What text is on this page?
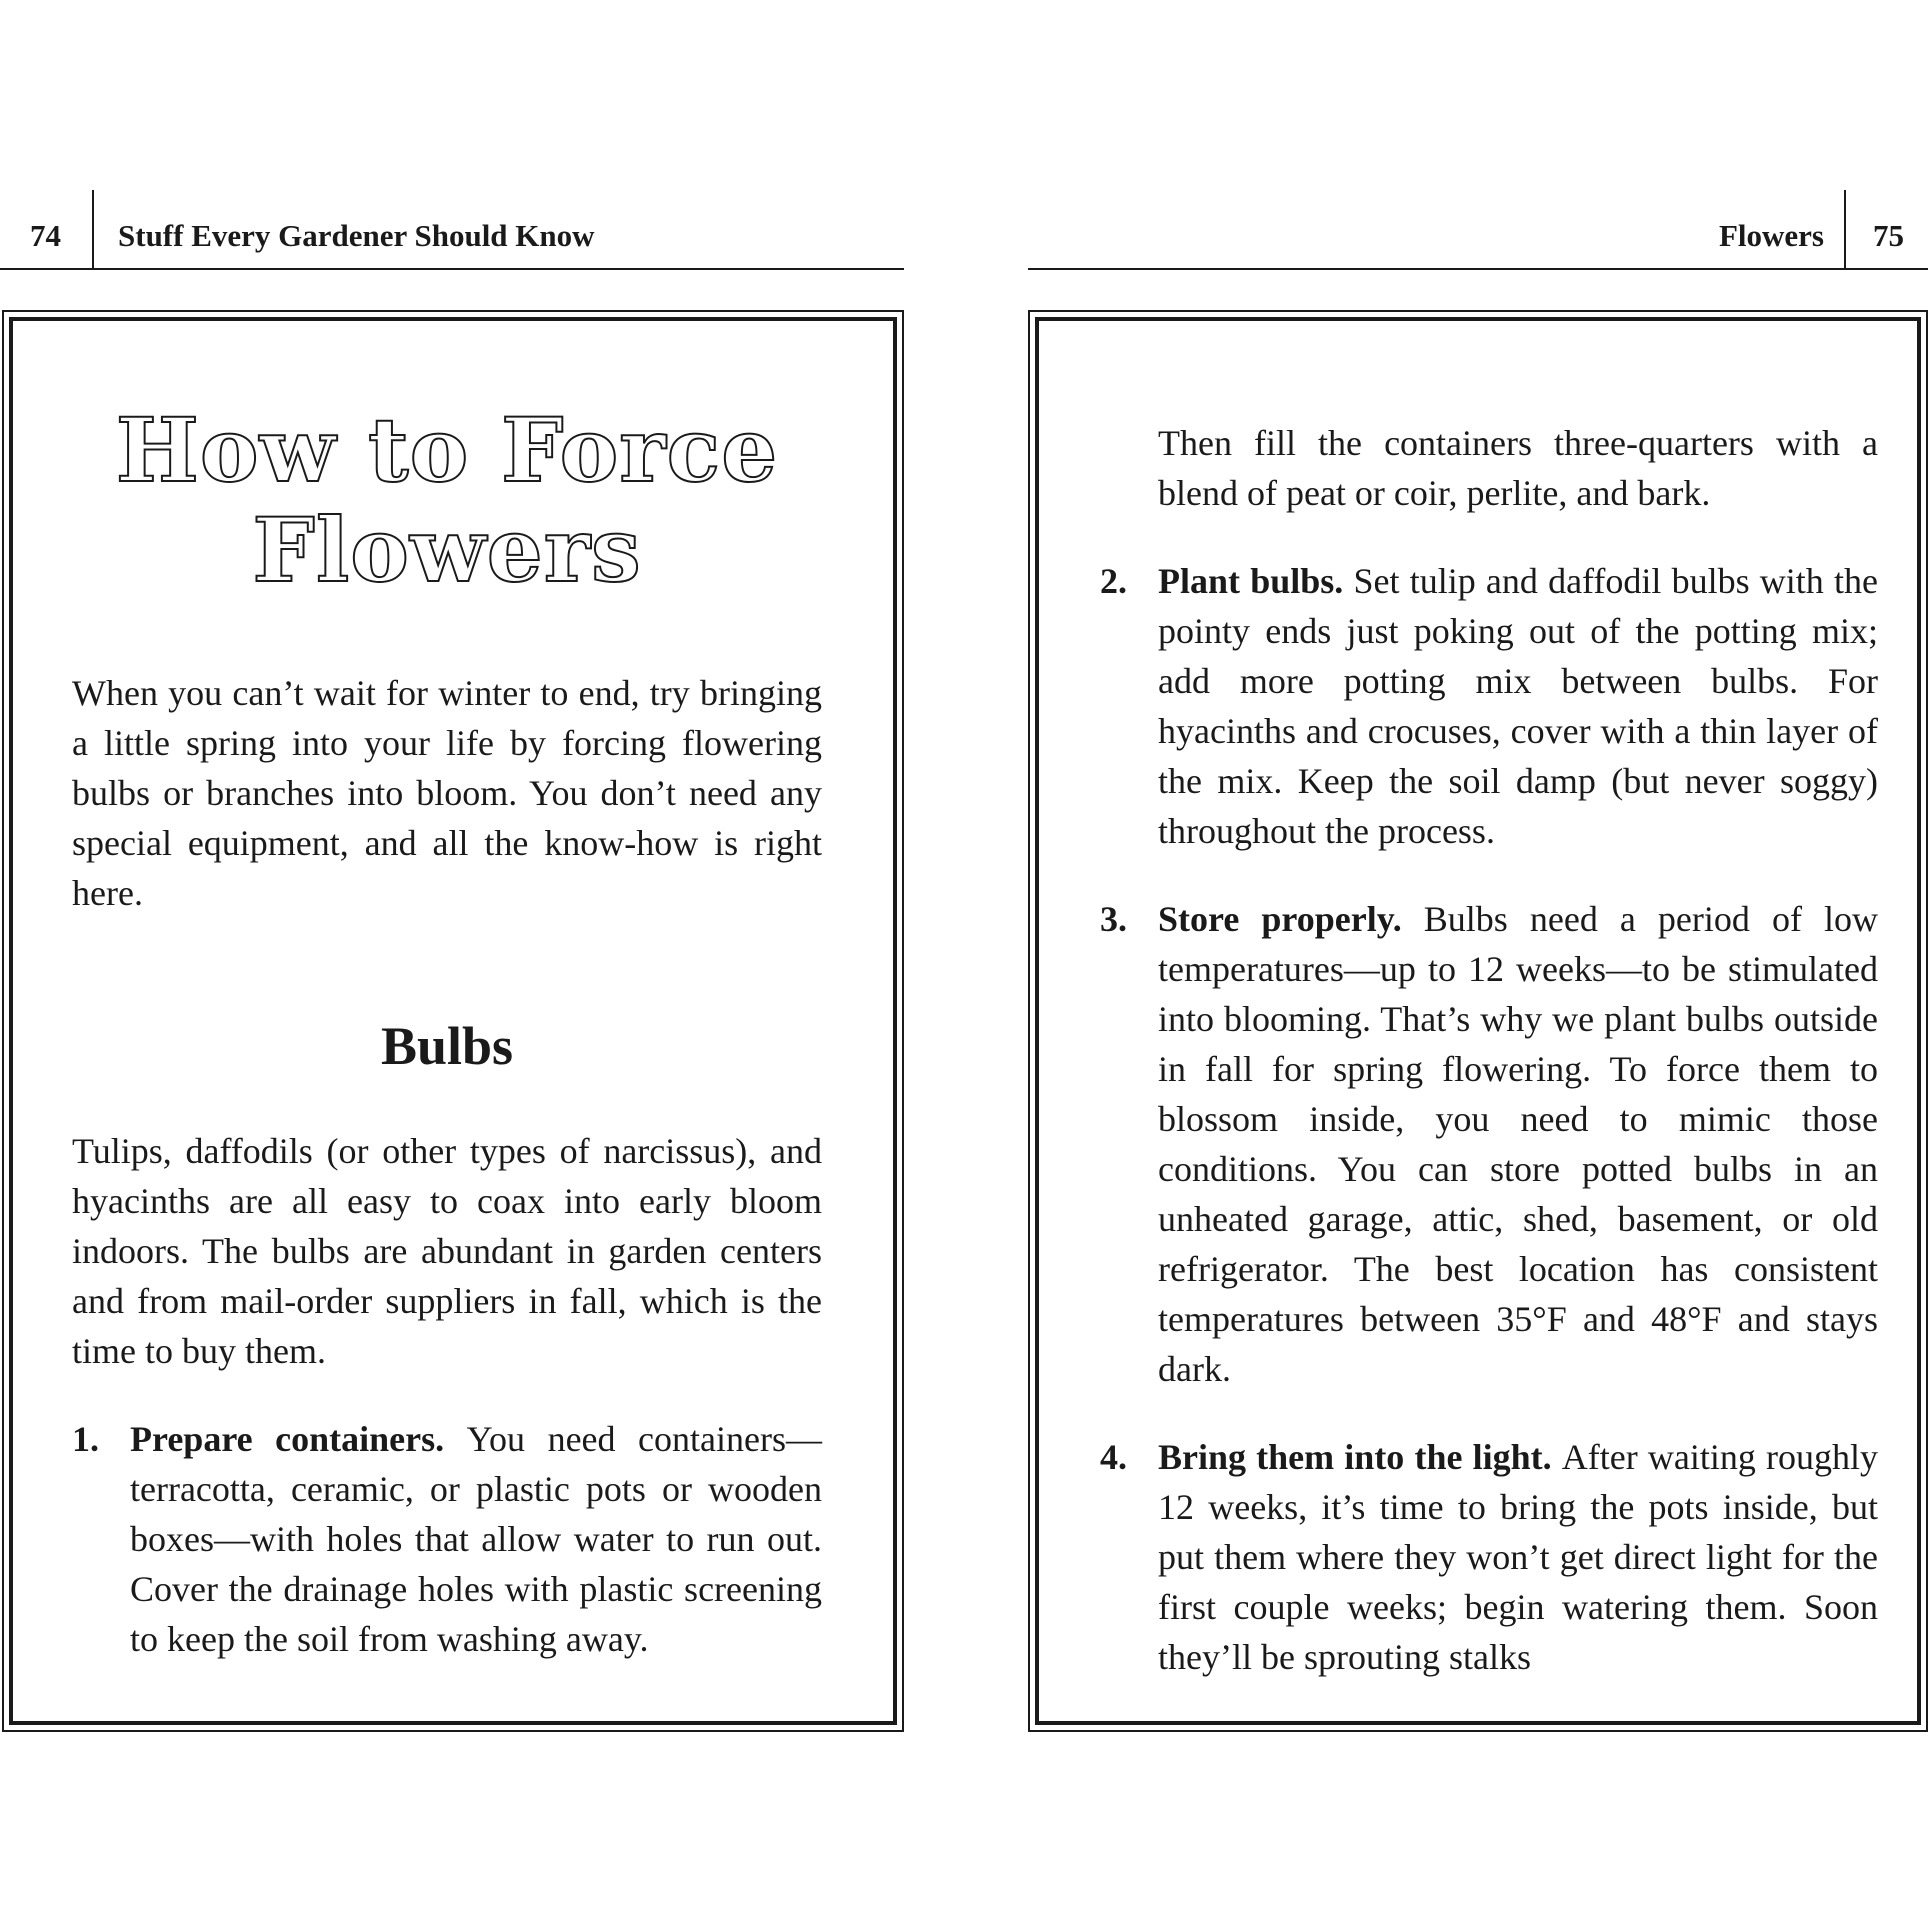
74 Stuff Every Gardener Should Know
How to Force Flowers

When you can’t wait for winter to end, try bringing a little spring into your life by forcing flowering bulbs or branches into bloom. You don’t need any special equipment, and all the know-how is right here.

Bulbs

Tulips, daffodils (or other types of narcissus), and hyacinths are all easy to coax into early bloom indoors. The bulbs are abundant in garden centers and from mail-order suppliers in fall, which is the time to buy them.

1. Prepare containers. You need containers—terracotta, ceramic, or plastic pots or wooden boxes—with holes that allow water to run out. Cover the drainage holes with plastic screening to keep the soil from washing away.
Flowers 75

Then fill the containers three-quarters with a blend of peat or coir, perlite, and bark.

2. Plant bulbs. Set tulip and daffodil bulbs with the pointy ends just poking out of the potting mix; add more potting mix between bulbs. For hyacinths and crocuses, cover with a thin layer of the mix. Keep the soil damp (but never soggy) throughout the process.
3. Store properly. Bulbs need a period of low temperatures—up to 12 weeks—to be stimulated into blooming. That’s why we plant bulbs outside in fall for spring flowering. To force them to blossom inside, you need to mimic those conditions. You can store potted bulbs in an unheated garage, attic, shed, basement, or old refrigerator. The best location has consistent temperatures between 35°F and 48°F and stays dark.
4. Bring them into the light. After waiting roughly 12 weeks, it’s time to bring the pots inside, but put them where they won’t get direct light for the first couple weeks; begin watering them. Soon they’ll be sprouting stalks
